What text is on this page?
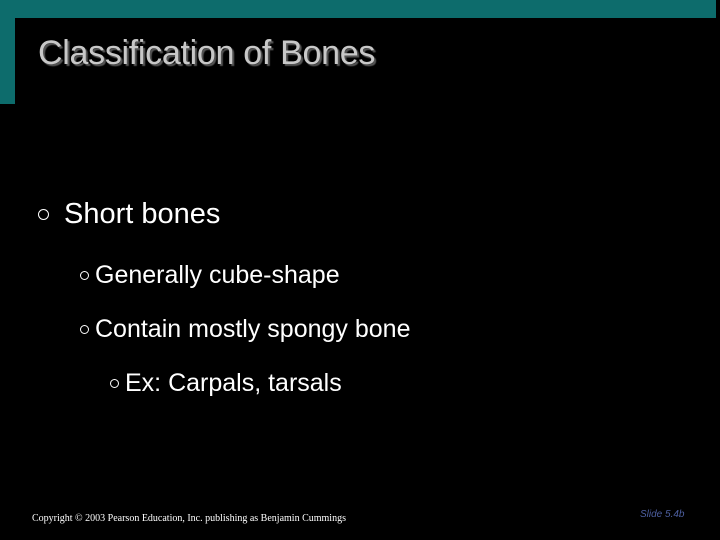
Classification of Bones
Short bones
Generally cube-shape
Contain mostly spongy bone
Ex: Carpals, tarsals
Copyright © 2003 Pearson Education, Inc. publishing as Benjamin Cummings	Slide 5.4b
